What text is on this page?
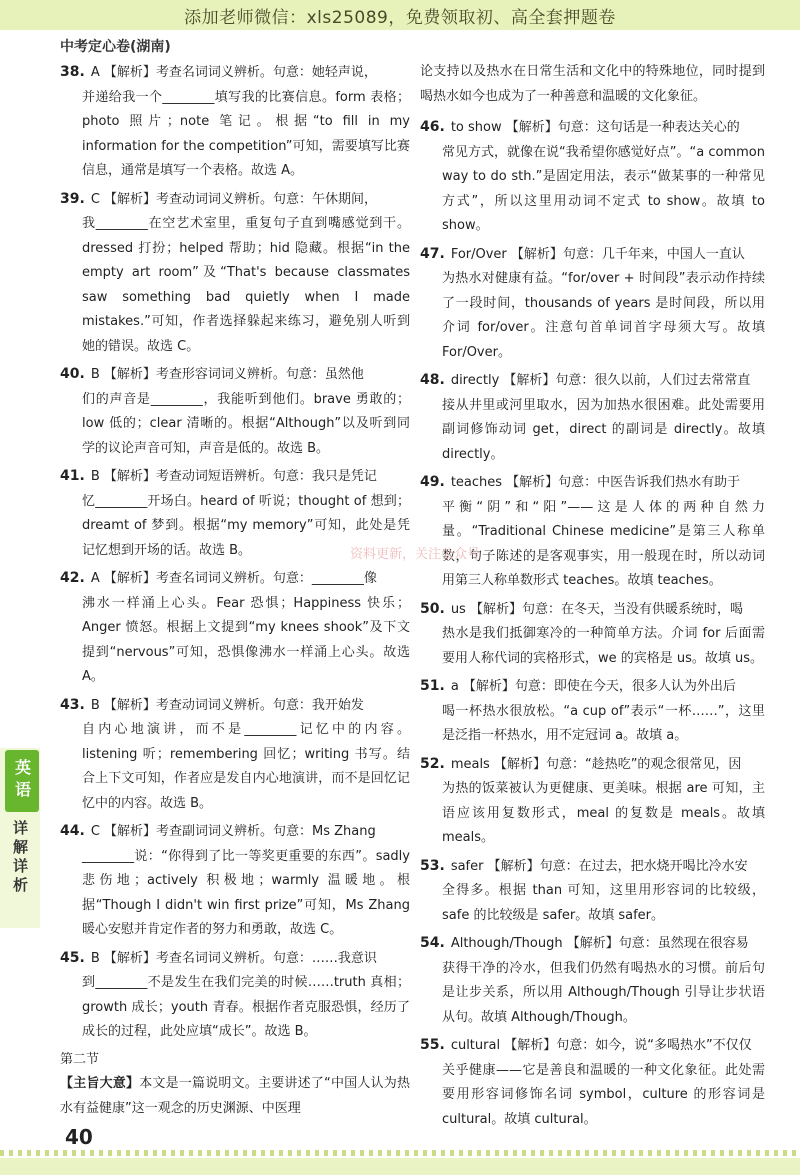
添加老师微信：xls25089，免费领取初、高全套押题卷
中考定心卷(湖南)
38. A 【解析】考查名词词义辨析。句意：她轻声说，
并递给我一个________填写我的比赛信息。form 表格；photo 照片；note 笔记。根据“to fill in my information for the competition”可知，需要填写比赛信息，通常是填写一个表格。故选 A。
39. C 【解析】考查动词词义辨析。句意：午休期间，
我________在空艺术室里，重复句子直到嘴感觉到干。dressed 打扮；helped 帮助；hid 隐藏。根据“in the empty art room”及“That's because classmates saw something bad quietly when I made mistakes.”可知，作者选择躲起来练习，避免别人听到她的错误。故选 C。
40. B 【解析】考查形容词词义辨析。句意：虽然他
们的声音是________，我能听到他们。brave 勇敢的；low 低的；clear 清晰的。根据“Although”以及听到同学的议论声音可知，声音是低的。故选 B。
41. B 【解析】考查动词短语辨析。句意：我只是凭记
忆________开场白。heard of 听说；thought of 想到；dreamt of 梦到。根据“my memory”可知，此处是凭记忆想到开场的话。故选 B。
42. A 【解析】考查名词词义辨析。句意：________像
沸水一样涌上心头。Fear 恐惧；Happiness 快乐；Anger 愤怒。根据上文提到“my knees shook”及下文提到“nervous”可知，恐惧像沸水一样涌上心头。故选 A。
43. B 【解析】考查动词词义辨析。句意：我开始发
自内心地演讲，而不是________记忆中的内容。listening 听；remembering 回忆；writing 书写。结合上下文可知，作者应是发自内心地演讲，而不是回忆记忆中的内容。故选 B。
44. C 【解析】考查副词词义辨析。句意：Ms Zhang
________说：“你得到了比一等奖更重要的东西”。sadly 悲伤地；actively 积极地；warmly 温暖地。根据“Though I didn't win first prize”可知，Ms Zhang 暖心安慰并肯定作者的努力和勇敢，故选 C。
45. B 【解析】考查名词词义辨析。句意：……我意识
到________不是发生在我们完美的时候……truth 真相；growth 成长；youth 青春。根据作者克服恐惧，经历了成长的过程，此处应填“成长”。故选 B。
第二节
【主旨大意】本文是一篇说明文。主要讲述了“中国人认为热水有益健康”这一观念的历史渊源、中医理
论支持以及热水在日常生活和文化中的特殊地位，同时提到喝热水如今也成为了一种善意和温暖的文化象征。
46. to show 【解析】句意：这句话是一种表达关心的
常见方式，就像在说“我希望你感觉好点”。“a common way to do sth.”是固定用法，表示“做某事的一种常见方式”，所以这里用动词不定式 to show。故填 to show。
47. For/Over 【解析】句意：几千年来，中国人一直认
为热水对健康有益。“for/over + 时间段”表示动作持续了一段时间，thousands of years 是时间段，所以用介词 for/over。注意句首单词首字母须大写。故填 For/Over。
48. directly 【解析】句意：很久以前，人们过去常常直
接从井里或河里取水，因为加热水很困难。此处需要用副词修饰动词 get，direct 的副词是 directly。故填 directly。
49. teaches 【解析】句意：中医告诉我们热水有助于
平衡“阴”和“阳”——这是人体的两种自然力量。“Traditional Chinese medicine”是第三人称单数，句子陈述的是客观事实，用一般现在时，所以动词用第三人称单数形式 teaches。故填 teaches。
50. us 【解析】句意：在冬天，当没有供暖系统时，喝
热水是我们抵御寒冷的一种简单方法。介词 for 后面需要用人称代词的宾格形式，we 的宾格是 us。故填 us。
51. a 【解析】句意：即使在今天，很多人认为外出后
喝一杯热水很放松。“a cup of”表示“一杯……”，这里是泛指一杯热水，用不定冠词 a。故填 a。
52. meals 【解析】句意：“趁热吃”的观念很常见，因
为热的饭菜被认为更健康、更美味。根据 are 可知，主语应该用复数形式，meal 的复数是 meals。故填 meals。
53. safer 【解析】句意：在过去，把水烧开喝比冷水安
全得多。根据 than 可知，这里用形容词的比较级，safe 的比较级是 safer。故填 safer。
54. Although/Though 【解析】句意：虽然现在很容易
获得干净的冷水，但我们仍然有喝热水的习惯。前后句是让步关系，所以用 Although/Though 引导让步状语从句。故填 Although/Though。
55. cultural 【解析】句意：如今，说“多喝热水”不仅仅
关乎健康——它是善良和温暖的一种文化象征。此处需要用形容词修饰名词 symbol，culture 的形容词是 cultural。故填 cultural。
英语
详解详析
资料更新，关注公众号
40
